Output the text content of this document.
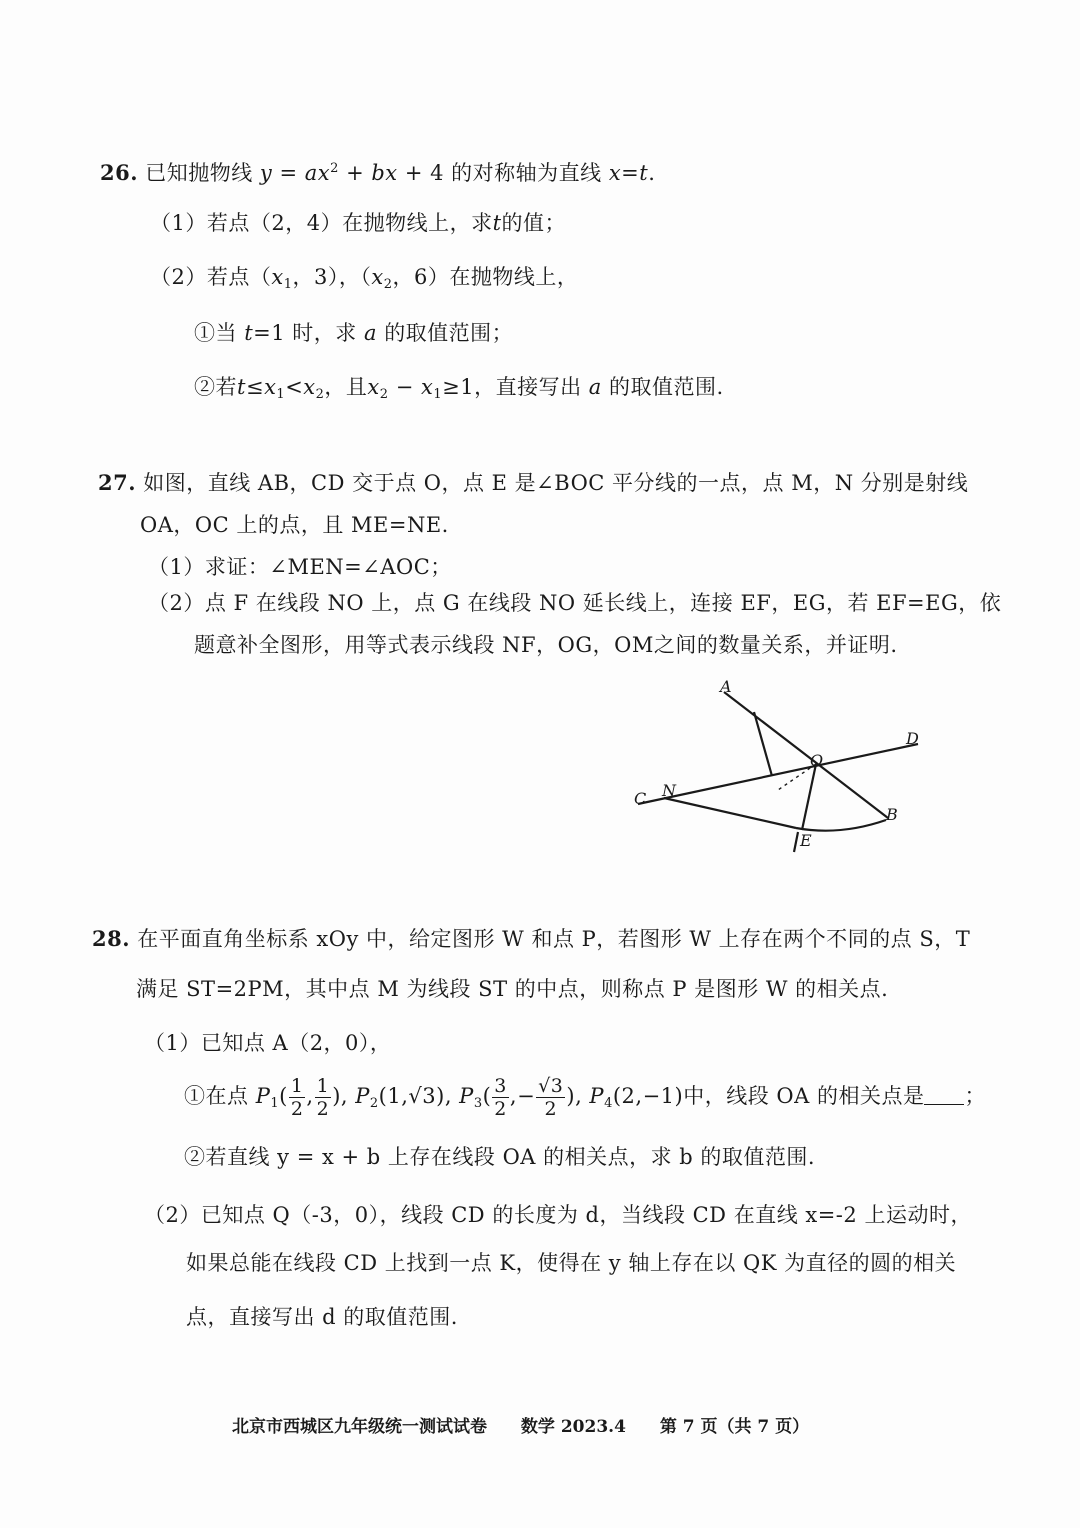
26. 已知抛物线 $y = ax^2$ + bx + 4 的对称轴为直线 x=t.
（1）若点（2，4）在抛物线上，求t的值；
（2）若点（$x_1$，3），（$x_2$，6）在抛物线上，
①当 t=1 时，求 a 的取值范围；
②若$t\le x_1<x_2$，且$x_2 - x_1\ge 1$，直接写出 a 的取值范围.
27. 如图，直线 AB，CD 交于点 O，点 E 是∠BOC 平分线的一点，点 M，N 分别是射线
OA，OC 上的点，且 ME=NE.
（1）求证：∠MEN=∠AOC；
（2）点 F 在线段 NO 上，点 G 在线段 NO 延长线上，连接 EF，EG，若 EF=EG，依
题意补全图形，用等式表示线段 NF，OG，OM之间的数量关系，并证明.
A
D
O
C N
B
E
28. 在平面直角坐标系 xOy 中，给定图形 W 和点 P，若图形 W 上存在两个不同的点 S，T
满足 ST=2PM，其中点 M 为线段 ST 的中点，则称点 P 是图形 W 的相关点.
（1）已知点 A（2，0），
①在点 $P_1( \frac{1}{2}$ , $\frac{1}{2}$ ), $P_2(1,√3)$, $P_3( \frac{3}{2}$ ,− $\frac{√3}{2}$ ), $P_4(2,-1)$中，线段 OA 的相关点是 ；
②若直线 y = x + b 上存在线段 OA 的相关点，求 b 的取值范围.
（2）已知点 Q（-3，0），线段 CD 的长度为 d，当线段 CD 在直线 x=-2 上运动时，
如果总能在线段 CD 上找到一点 K，使得在 y 轴上存在以 QK 为直径的圆的相关
点，直接写出 d 的取值范围.
北京市西城区九年级统一测试试卷 数学 2023.4 第 7 页（共 7 页）
